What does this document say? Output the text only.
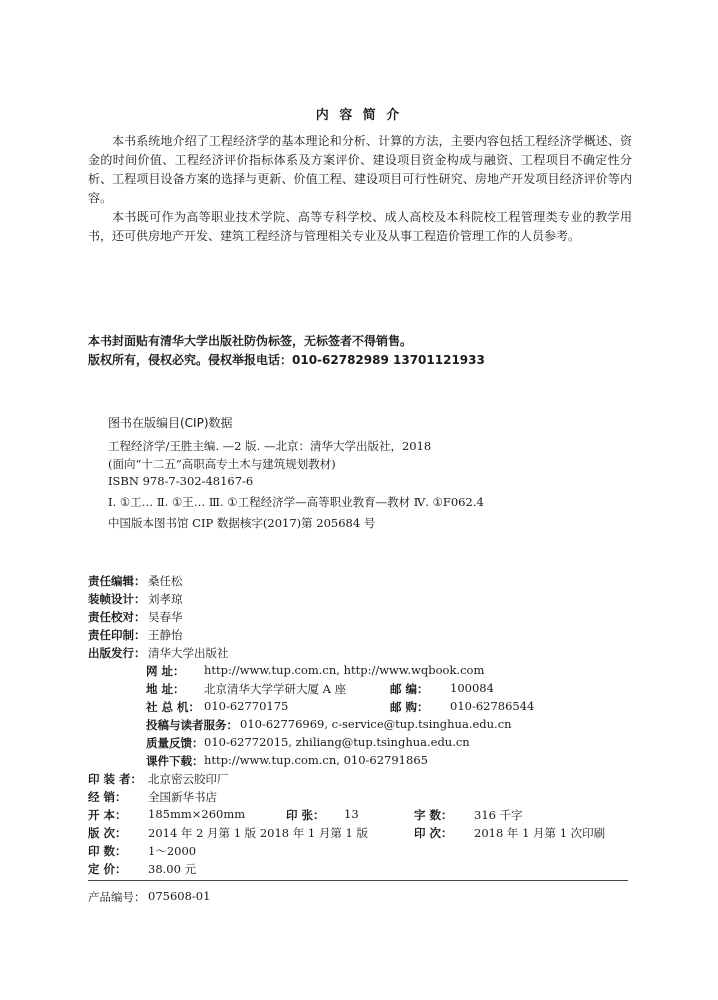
内 容 简 介

本书系统地介绍了工程经济学的基本理论和分析、计算的方法，主要内容包括工程经济学概述、资金的时间价值、工程经济评价指标体系及方案评价、建设项目资金构成与融资、工程项目不确定性分析、工程项目设备方案的选择与更新、价值工程、建设项目可行性研究、房地产开发项目经济评价等内容。

本书既可作为高等职业技术学院、高等专科学校、成人高校及本科院校工程管理类专业的教学用书，还可供房地产开发、建筑工程经济与管理相关专业及从事工程造价管理工作的人员参考。

本书封面贴有清华大学出版社防伪标签，无标签者不得销售。
版权所有，侵权必究。侵权举报电话：010-62782989 13701121933
图书在版编目(CIP)数据
工程经济学/王胜主编. —2 版. —北京：清华大学出版社，2018
(面向“十二五”高职高专土木与建筑规划教材)
ISBN 978-7-302-48167-6
Ⅰ. ①工… Ⅱ. ①王… Ⅲ. ①工程经济学—高等职业教育—教材 Ⅳ. ①F062.4
中国版本图书馆 CIP 数据核字(2017)第 205684 号
责任编辑： 桑任松
装帧设计： 刘孝琼
责任校对： 吴春华
责任印制： 王静怡
出版发行： 清华大学出版社
网 址： http://www.tup.com.cn, http://www.wqbook.com
地 址： 北京清华大学学研大厦 A 座	邮 编： 100084
社 总 机： 010-62770175	邮 购： 010-62786544
投稿与读者服务： 010-62776969, c-service@tup.tsinghua.edu.cn
质量反馈： 010-62772015, zhiliang@tup.tsinghua.edu.cn
课件下载： http://www.tup.com.cn, 010-62791865
印 装 者： 北京密云胶印厂
经 销： 全国新华书店
开 本： 185mm×260mm	印 张： 13	字 数： 316 千字
版 次： 2014 年 2 月第 1 版 2018 年 1 月第 1 版	印 次： 2018 年 1 月第 1 次印刷
印 数： 1～2000
定 价： 38.00 元
产品编号： 075608-01
